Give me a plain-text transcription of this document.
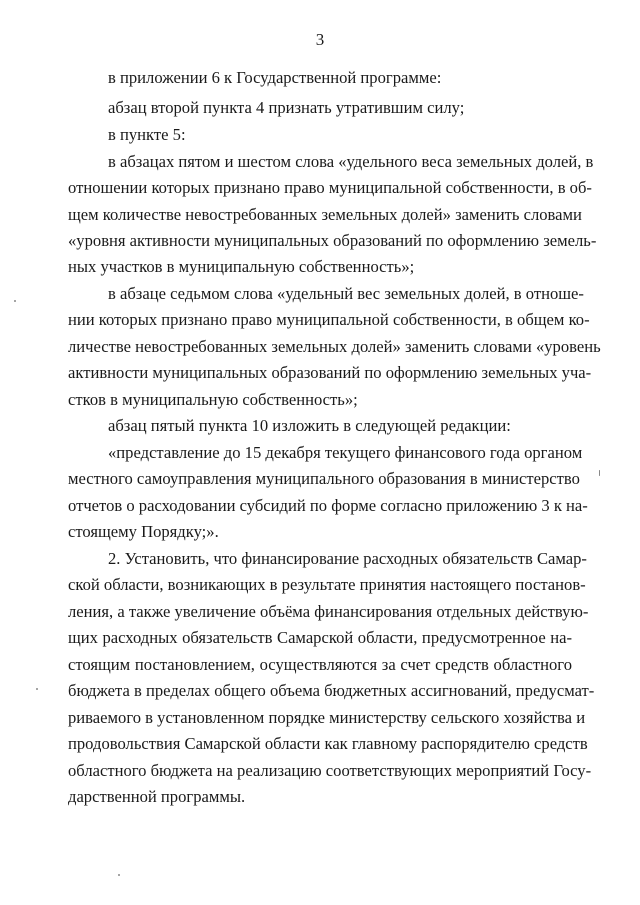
3
в приложении 6 к Государственной программе:
абзац второй пункта 4 признать утратившим силу;
в пункте 5:
в абзацах пятом и шестом слова «удельного веса земельных долей, в
отношении которых признано право муниципальной собственности, в об-
щем количестве невостребованных земельных долей» заменить словами
«уровня активности муниципальных образований по оформлению земель-
ных участков в муниципальную собственность»;
в абзаце седьмом слова «удельный вес земельных долей, в отноше-
нии которых признано право муниципальной собственности, в общем ко-
личестве невостребованных земельных долей» заменить словами «уровень
активности муниципальных образований по оформлению земельных уча-
стков в муниципальную собственность»;
абзац пятый пункта 10 изложить в следующей редакции:
«представление до 15 декабря текущего финансового года органом
местного самоуправления муниципального образования в министерство
отчетов о расходовании субсидий по форме согласно приложению 3 к на-
стоящему Порядку;».
2. Установить, что финансирование расходных обязательств Самар-
ской области, возникающих в результате принятия настоящего постанов-
ления, а также увеличение объёма финансирования отдельных действую-
щих расходных обязательств Самарской области, предусмотренное на-
стоящим постановлением, осуществляются за счет средств областного
бюджета в пределах общего объема бюджетных ассигнований, предусмат-
риваемого в установленном порядке министерству сельского хозяйства и
продовольствия Самарской области как главному распорядителю средств
областного бюджета на реализацию соответствующих мероприятий Госу-
дарственной программы.
